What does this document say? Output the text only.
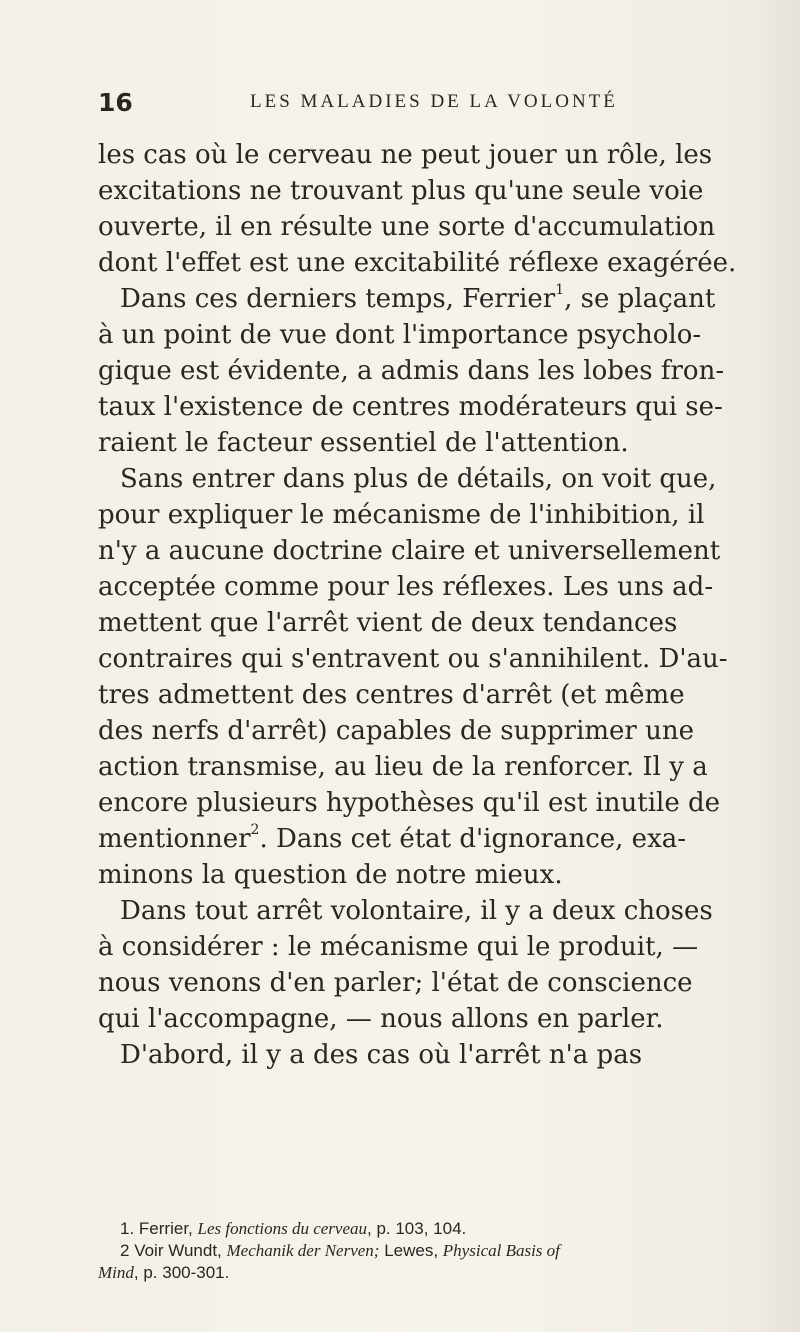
16	LES MALADIES DE LA VOLONTÉ
les cas où le cerveau ne peut jouer un rôle, les
excitations ne trouvant plus qu'une seule voie
ouverte, il en résulte une sorte d'accumulation
dont l'effet est une excitabilité réflexe exagérée.
Dans ces derniers temps, Ferrier$^1$, se plaçant
à un point de vue dont l'importance psycholo-
gique est évidente, a admis dans les lobes fron-
taux l'existence de centres modérateurs qui se-
raient le facteur essentiel de l'attention.
Sans entrer dans plus de détails, on voit que,
pour expliquer le mécanisme de l'inhibition, il
n'y a aucune doctrine claire et universellement
acceptée comme pour les réflexes. Les uns ad-
mettent que l'arrêt vient de deux tendances
contraires qui s'entravent ou s'annihilent. D'au-
tres admettent des centres d'arrêt (et même
des nerfs d'arrêt) capables de supprimer une
action transmise, au lieu de la renforcer. Il y a
encore plusieurs hypothèses qu'il est inutile de
mentionner$^2$. Dans cet état d'ignorance, exa-
minons la question de notre mieux.
Dans tout arrêt volontaire, il y a deux choses
à considérer : le mécanisme qui le produit, —
nous venons d'en parler; l'état de conscience
qui l'accompagne, — nous allons en parler.
D'abord, il y a des cas où l'arrêt n'a pas
1. Ferrier, Les fonctions du cerveau, p. 103, 104.
2 Voir Wundt, Mechanik der Nerven; Lewes, Physical Basis of
Mind, p. 300-301.
